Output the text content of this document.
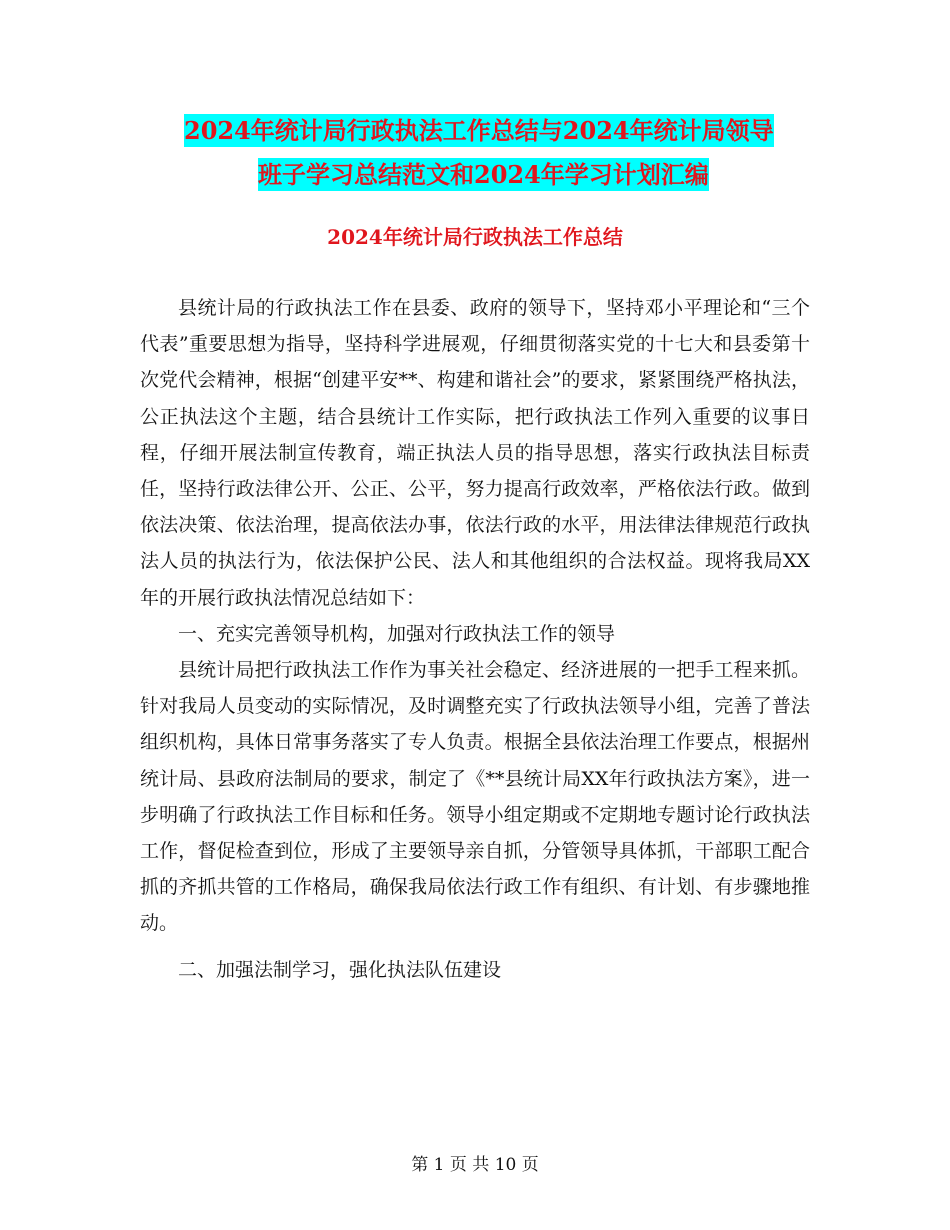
2024年统计局行政执法工作总结与2024年统计局领导
班子学习总结范文和2024年学习计划汇编
2024年统计局行政执法工作总结

县统计局的行政执法工作在县委、政府的领导下，坚持邓小平理论和“三个代表”重要思想为指导，坚持科学进展观，仔细贯彻落实党的十七大和县委第十次党代会精神，根据“创建平安**、构建和谐社会”的要求，紧紧围绕严格执法，公正执法这个主题，结合县统计工作实际，把行政执法工作列入重要的议事日程，仔细开展法制宣传教育，端正执法人员的指导思想，落实行政执法目标责任，坚持行政法律公开、公正、公平，努力提高行政效率，严格依法行政。做到依法决策、依法治理，提高依法办事，依法行政的水平，用法律法律规范行政执法人员的执法行为，依法保护公民、法人和其他组织的合法权益。现将我局XX年的开展行政执法情况总结如下：

一、充实完善领导机构，加强对行政执法工作的领导

县统计局把行政执法工作作为事关社会稳定、经济进展的一把手工程来抓。针对我局人员变动的实际情况，及时调整充实了行政执法领导小组，完善了普法组织机构，具体日常事务落实了专人负责。根据全县依法治理工作要点，根据州统计局、县政府法制局的要求，制定了《**县统计局XX年行政执法方案》，进一步明确了行政执法工作目标和任务。领导小组定期或不定期地专题讨论行政执法工作，督促检查到位，形成了主要领导亲自抓，分管领导具体抓，干部职工配合抓的齐抓共管的工作格局，确保我局依法行政工作有组织、有计划、有步骤地推动。

二、加强法制学习，强化执法队伍建设

第 1 页 共 10 页
